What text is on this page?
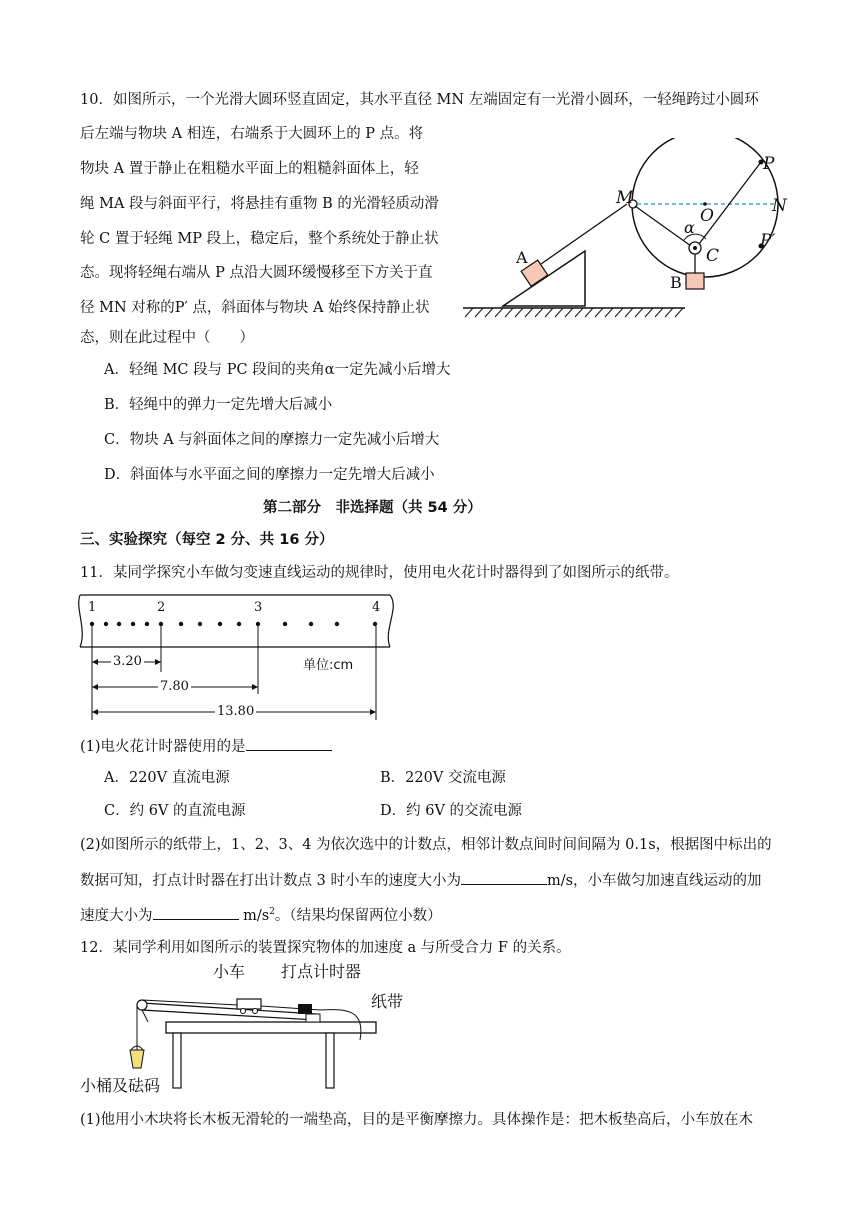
10．如图所示，一个光滑大圆环竖直固定，其水平直径 MN 左端固定有一光滑小圆环，一轻绳跨过小圆环
后左端与物块 A 相连，右端系于大圆环上的 P 点。将
物块 A 置于静止在粗糙水平面上的粗糙斜面体上，轻
绳 MA 段与斜面平行，将悬挂有重物 B 的光滑轻质动滑
轮 C 置于轻绳 MP 段上，稳定后，整个系统处于静止状
态。现将轻绳右端从 P 点沿大圆环缓慢移至下方关于直
径 MN 对称的P′ 点，斜面体与物块 A 始终保持静止状
态，则在此过程中（　　）
A．轻绳 MC 段与 PC 段间的夹角α一定先减小后增大
B．轻绳中的弹力一定先增大后减小
C．物块 A 与斜面体之间的摩擦力一定先减小后增大
D．斜面体与水平面之间的摩擦力一定先增大后减小
M
O	N
P
P′
α
C
A
B
第二部分　非选择题（共 54 分）
三、实验探究（每空 2 分、共 16 分）
11．某同学探究小车做匀变速直线运动的规律时，使用电火花计时器得到了如图所示的纸带。
1	2	3	4
单位:cm
3.20
7.80
13.80
(1)电火花计时器使用的是
A．220V 直流电源	B．220V 交流电源
C．约 6V 的直流电源	D．约 6V 的交流电源
(2)如图所示的纸带上，1、2、3、4 为依次选中的计数点，相邻计数点间时间间隔为 0.1s，根据图中标出的
数据可知，打点计时器在打出计数点 3 时小车的速度大小为	m/s，小车做匀加速直线运动的加
速度大小为	$m/s^2$。（结果均保留两位小数）
12．某同学利用如图所示的装置探究物体的加速度 a 与所受合力 F 的关系。
小车 打点计时器
纸带
小桶及砝码
(1)他用小木块将长木板无滑轮的一端垫高，目的是平衡摩擦力。具体操作是：把木板垫高后，小车放在木
